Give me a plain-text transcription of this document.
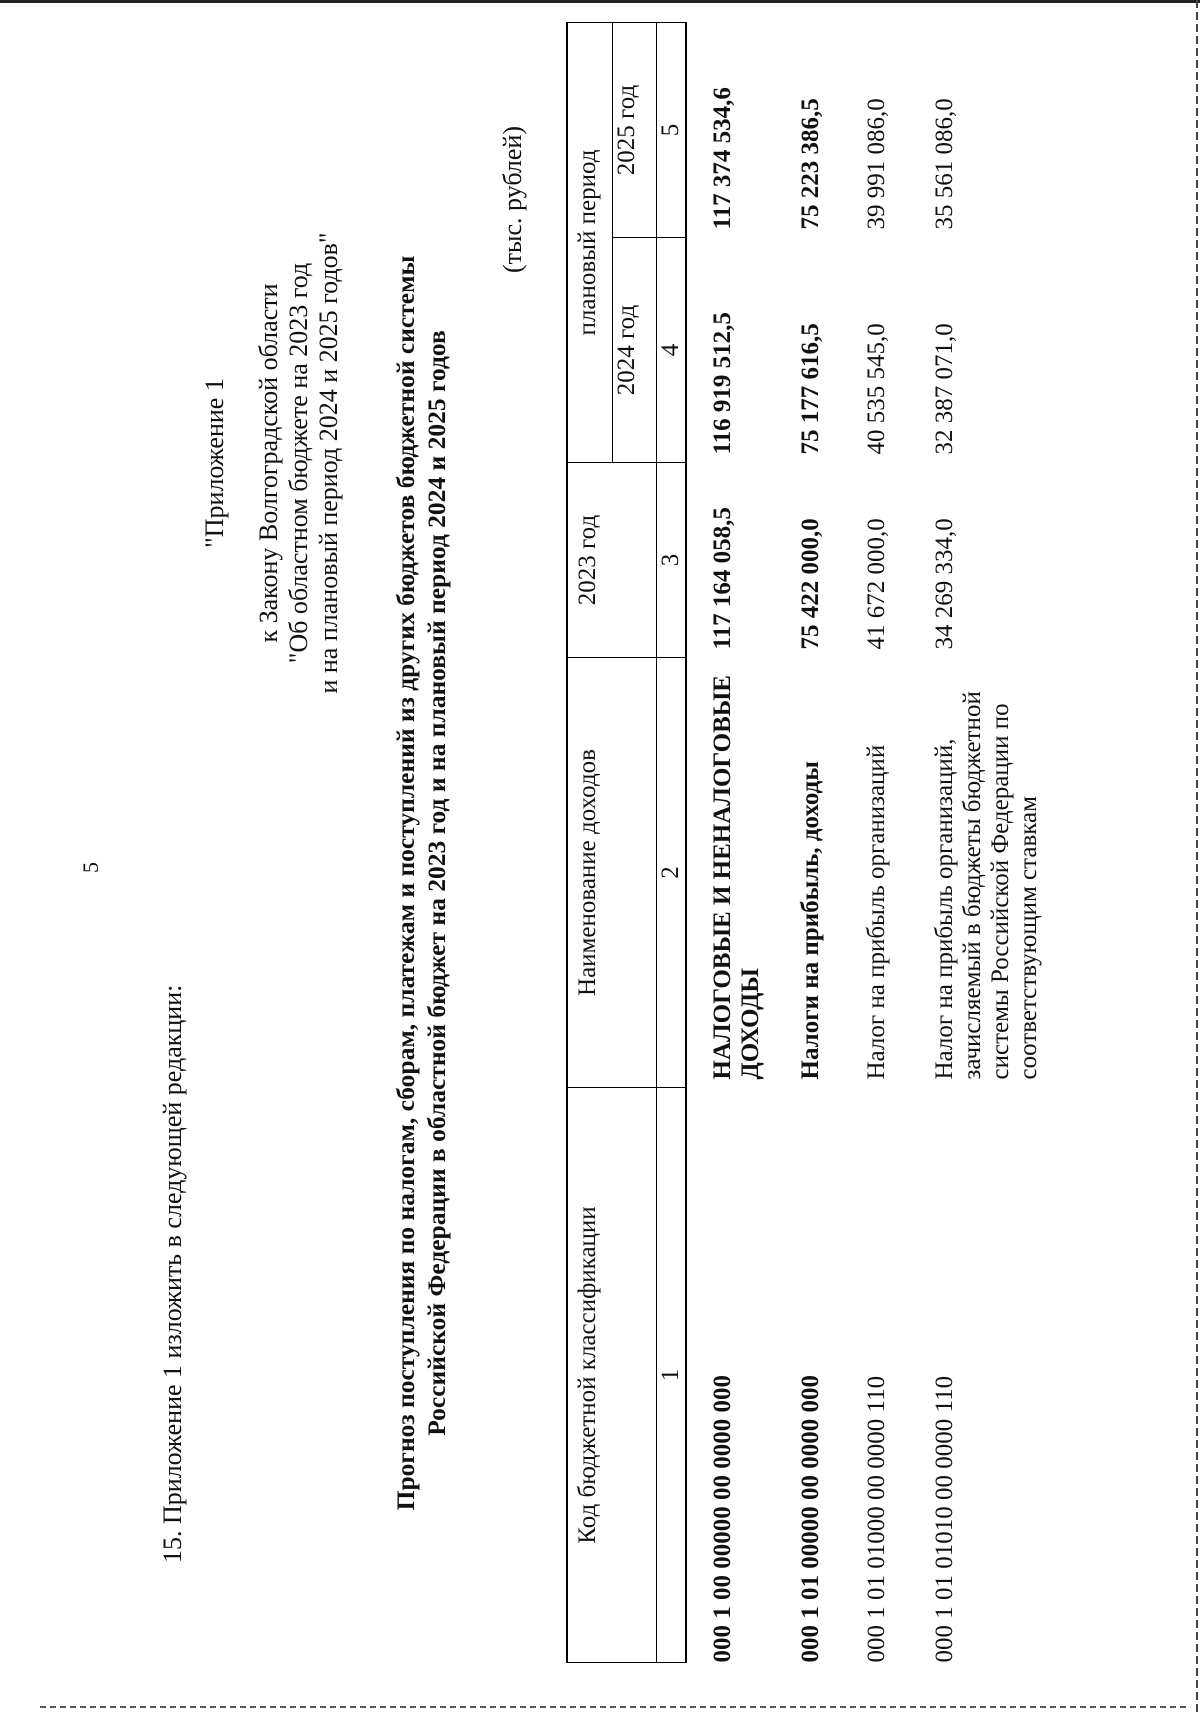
5
15. Приложение 1 изложить в следующей редакции:
"Приложение 1 к Закону Волгоградской области "Об областном бюджете на 2023 год и на плановый период 2024 и 2025 годов" Прогноз поступления по налогам, сборам, платежам и поступлений из других бюджетов бюджетной системы Российской Федерации в областной бюджет на 2023 год и на плановый период 2024 и 2025 годов
(тыс. рублей)
Код бюджетной классификации	Наименование доходов	2023 год	плановый период	
			2024 год	2025 год
1	2	3	4	5
000 1 00 00000 00 0000 000	НАЛОГОВЫЕ И НЕНАЛОГОВЫЕ ДОХОДЫ	117 164 058,5	116 919 512,5	117 374 534,6
000 1 01 00000 00 0000 000	Налоги на прибыль, доходы	75 422 000,0	75 177 616,5	75 223 386,5
000 1 01 01000 00 0000 110	Налог на прибыль организаций	41 672 000,0	40 535 545,0	39 991 086,0
000 1 01 01010 00 0000 110	Налог на прибыль организаций, зачисляемый в бюджеты бюджетной системы Российской Федерации по соответствующим ставкам	34 269 334,0	32 387 071,0	35 561 086,0
